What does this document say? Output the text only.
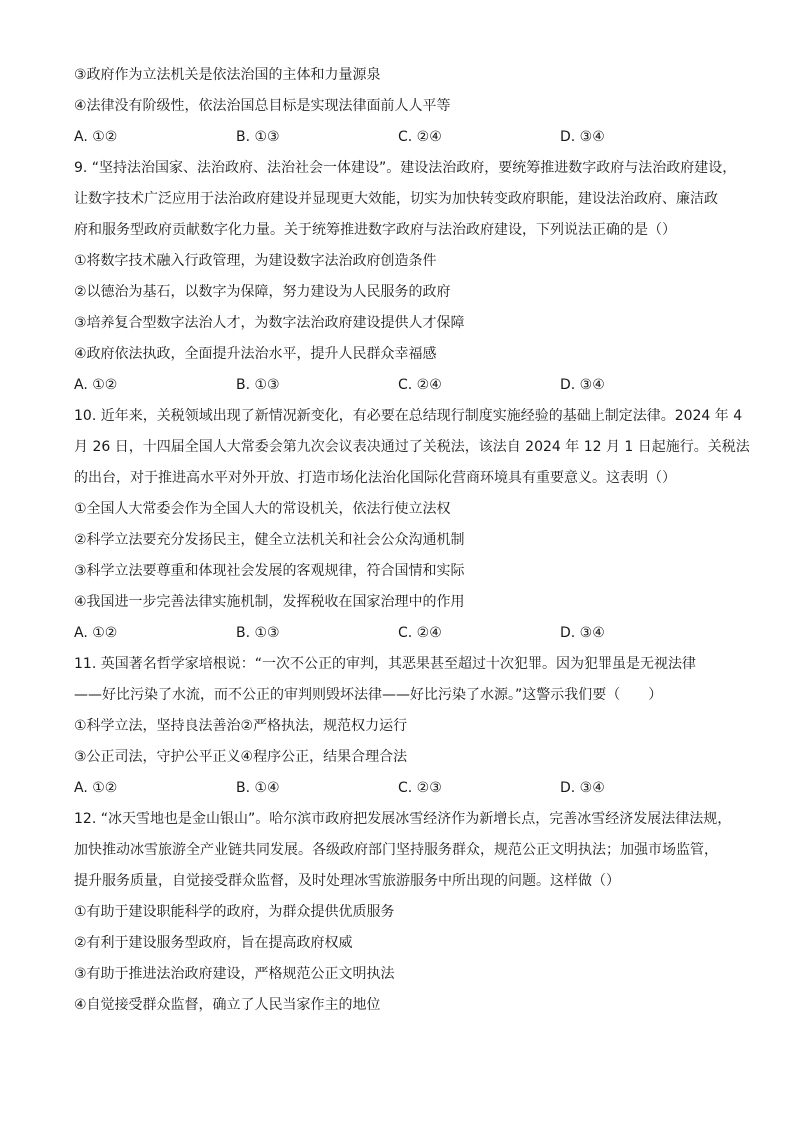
③政府作为立法机关是依法治国的主体和力量源泉
④法律没有阶级性，依法治国总目标是实现法律面前人人平等
A. ①②	B. ①③	C. ②④	D. ③④
9. “坚持法治国家、法治政府、法治社会一体建设”。建设法治政府，要统筹推进数字政府与法治政府建设，
让数字技术广泛应用于法治政府建设并显现更大效能，切实为加快转变政府职能，建设法治政府、廉洁政
府和服务型政府贡献数字化力量。关于统筹推进数字政府与法治政府建设，下列说法正确的是（）
①将数字技术融入行政管理，为建设数字法治政府创造条件
②以德治为基石，以数字为保障，努力建设为人民服务的政府
③培养复合型数字法治人才，为数字法治政府建设提供人才保障
④政府依法执政，全面提升法治水平，提升人民群众幸福感
A. ①②	B. ①③	C. ②④	D. ③④
10. 近年来，关税领域出现了新情况新变化，有必要在总结现行制度实施经验的基础上制定法律。2024 年 4
月 26 日，十四届全国人大常委会第九次会议表决通过了关税法，该法自 2024 年 12 月 1 日起施行。关税法
的出台，对于推进高水平对外开放、打造市场化法治化国际化营商环境具有重要意义。这表明（）
①全国人大常委会作为全国人大的常设机关，依法行使立法权
②科学立法要充分发扬民主，健全立法机关和社会公众沟通机制
③科学立法要尊重和体现社会发展的客观规律，符合国情和实际
④我国进一步完善法律实施机制，发挥税收在国家治理中的作用
A. ①②	B. ①③	C. ②④	D. ③④
11. 英国著名哲学家培根说：“一次不公正的审判，其恶果甚至超过十次犯罪。因为犯罪虽是无视法律
——好比污染了水流，而不公正的审判则毁坏法律——好比污染了水源。”这警示我们要（　　）
①科学立法，坚持良法善治②严格执法，规范权力运行
③公正司法，守护公平正义④程序公正，结果合理合法
A. ①②	B. ①④	C. ②③	D. ③④
12. “冰天雪地也是金山银山”。哈尔滨市政府把发展冰雪经济作为新增长点，完善冰雪经济发展法律法规，
加快推动冰雪旅游全产业链共同发展。各级政府部门坚持服务群众，规范公正文明执法；加强市场监管，
提升服务质量，自觉接受群众监督，及时处理冰雪旅游服务中所出现的问题。这样做（）
①有助于建设职能科学的政府，为群众提供优质服务
②有利于建设服务型政府，旨在提高政府权威
③有助于推进法治政府建设，严格规范公正文明执法
④自觉接受群众监督，确立了人民当家作主的地位
